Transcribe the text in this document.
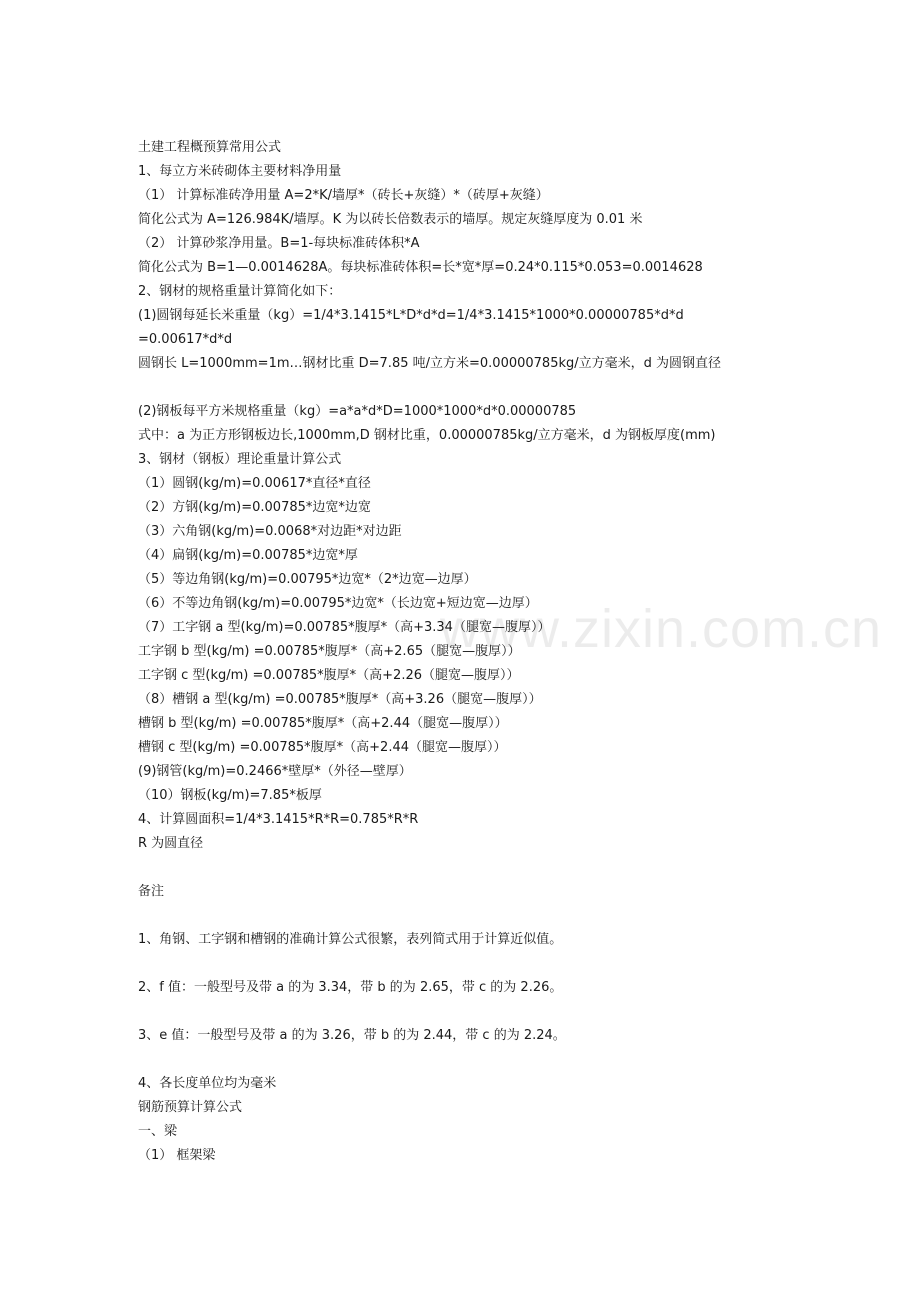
www.zixin.com.cn
土建工程概预算常用公式
1、每立方米砖砌体主要材料净用量
（1） 计算标准砖净用量 A=2*K/墙厚*（砖长+灰缝）*（砖厚+灰缝）
简化公式为 A=126.984K/墙厚。K 为以砖长倍数表示的墙厚。规定灰缝厚度为 0.01 米
（2） 计算砂浆净用量。B=1-每块标准砖体积*A
简化公式为 B=1—0.0014628A。每块标准砖体积=长*宽*厚=0.24*0.115*0.053=0.0014628
2、钢材的规格重量计算简化如下：
(1)圆钢每延长米重量（kg）=1/4*3.1415*L*D*d*d=1/4*3.1415*1000*0.00000785*d*d
=0.00617*d*d
圆钢长 L=1000mm=1m…钢材比重 D=7.85 吨/立方米=0.00000785kg/立方毫米，d 为圆钢直径
(2)钢板每平方米规格重量（kg）=a*a*d*D=1000*1000*d*0.00000785
式中：a 为正方形钢板边长,1000mm,D 钢材比重，0.00000785kg/立方毫米，d 为钢板厚度(mm)
3、钢材（钢板）理论重量计算公式
（1）圆钢(kg/m)=0.00617*直径*直径
（2）方钢(kg/m)=0.00785*边宽*边宽
（3）六角钢(kg/m)=0.0068*对边距*对边距
（4）扁钢(kg/m)=0.00785*边宽*厚
（5）等边角钢(kg/m)=0.00795*边宽*（2*边宽—边厚）
（6）不等边角钢(kg/m)=0.00795*边宽*（长边宽+短边宽—边厚）
（7）工字钢 a 型(kg/m)=0.00785*腹厚*（高+3.34（腿宽—腹厚））
工字钢 b 型(kg/m) =0.00785*腹厚*（高+2.65（腿宽—腹厚））
工字钢 c 型(kg/m) =0.00785*腹厚*（高+2.26（腿宽—腹厚））
（8）槽钢 a 型(kg/m) =0.00785*腹厚*（高+3.26（腿宽—腹厚））
槽钢 b 型(kg/m) =0.00785*腹厚*（高+2.44（腿宽—腹厚））
槽钢 c 型(kg/m) =0.00785*腹厚*（高+2.44（腿宽—腹厚））
(9)钢管(kg/m)=0.2466*壁厚*（外径—壁厚）
（10）钢板(kg/m)=7.85*板厚
4、计算圆面积=1/4*3.1415*R*R=0.785*R*R
R 为圆直径
备注
1、角钢、工字钢和槽钢的准确计算公式很繁，表列简式用于计算近似值。
2、f 值：一般型号及带 a 的为 3.34，带 b 的为 2.65，带 c 的为 2.26。
3、e 值：一般型号及带 a 的为 3.26，带 b 的为 2.44，带 c 的为 2.24。
4、各长度单位均为毫米
钢筋预算计算公式
一、梁
（1） 框架梁
